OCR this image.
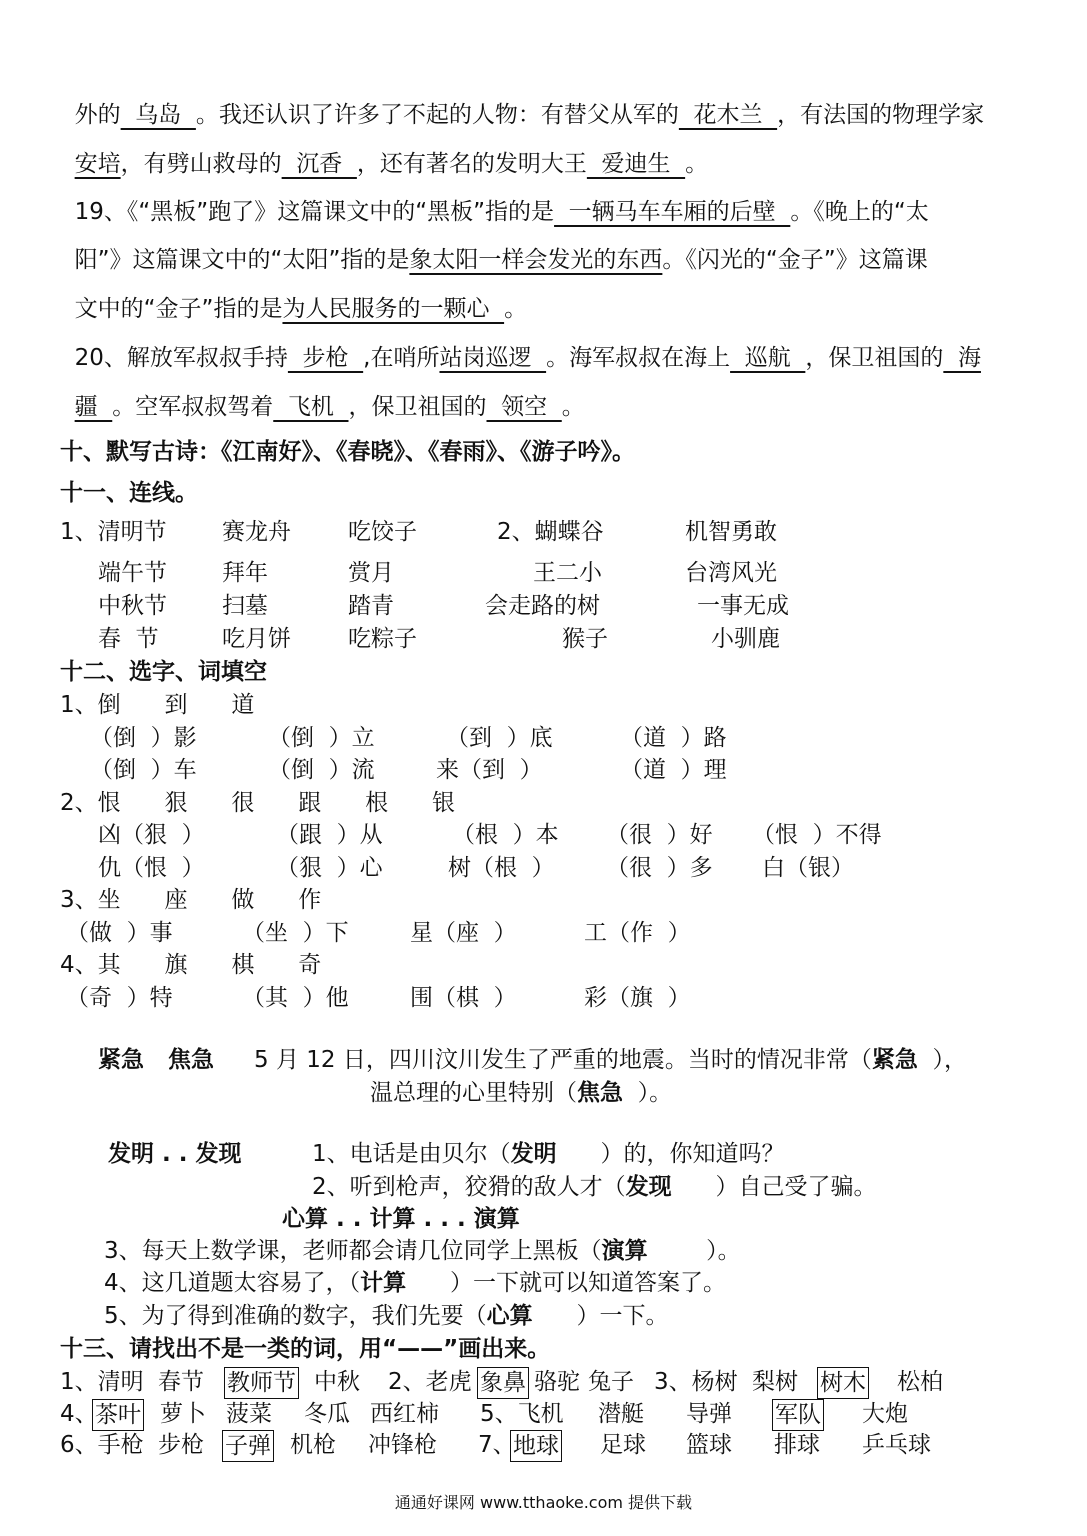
外的  乌岛  。我还认识了许多了不起的人物：有替父从军的  花木兰  ，有法国的物理学家

安培，有劈山救母的  沉香  ，还有著名的发明大王  爱迪生  。

19、《“黑板”跑了》这篇课文中的“黑板”指的是  一辆马车车厢的后壁  。《晚上的“太

阳”》这篇课文中的“太阳”指的是象太阳一样会发光的东西。《闪光的“金子”》这篇课

文中的“金子”指的是为人民服务的一颗心  。

20、解放军叔叔手持  步枪  ,在哨所站岗巡逻  。海军叔叔在海上  巡航  ，保卫祖国的  海

疆  。空军叔叔驾着  飞机  ，保卫祖国的  领空  。

十、默写古诗：《江南好》、《春晓》、《春雨》、《游子吟》。
十一、连线。
1、清明节 赛龙舟 吃饺子	2、蝴蝶谷	机智勇敢
端午节 拜年	赏月	王二小	台湾风光
中秋节 扫墓	踏青	会走路的树	一事无成
春  节	吃月饼 吃粽子	猴子	小驯鹿
十二、选字、词填空
1、倒      到      道
（倒  ）影	（倒  ）立	（到  ）底	（道  ）路
（倒  ）车	（倒  ）流	来（到  ）	（道  ）理
2、恨      狠      很      跟      根      银
凶（狠  ）	（跟  ）从	（根  ）本 （很  ）好 （恨  ）不得
仇（恨  ）	（狠  ）心	树（根  ） （很  ）多 白（银）
3、坐      座      做      作
（做  ）事	（坐  ）下	星（座  ）	工（作  ）
4、其      旗      棋      奇
（奇  ）特	（其  ）他	围（棋  ）	彩（旗  ）
紧急   焦急 5 月 12 日，四川汶川发生了严重的地震。当时的情况非常（紧急  ），
温总理的心里特别（焦急  ）。
发明 . . 发现	1、电话是由贝尔（发明      ）的，你知道吗？
2、听到枪声，狡猾的敌人才（发现      ）自己受了骗。
心算 . . 计算 . . . 演算
3、每天上数学课，老师都会请几位同学上黑板（演算        ）。
4、这几道题太容易了，（计算      ）一下就可以知道答案了。
5、为了得到准确的数字，我们先要（心算      ）一下。
十三、请找出不是一类的词，用“——”画出来。
1、清明 春节 教师节 中秋 2、老虎 象鼻 骆驼 兔子 3、杨树 梨树 树木 松柏
4、
茶叶 萝卜 菠菜 冬瓜 西红柿 5、飞机 潜艇 导弹 军队 大炮
6、手枪 步枪 子弹 机枪 冲锋枪 7、
地球 足球 篮球 排球 乒乓球
通通好课网 www.tthaoke.com 提供下载
